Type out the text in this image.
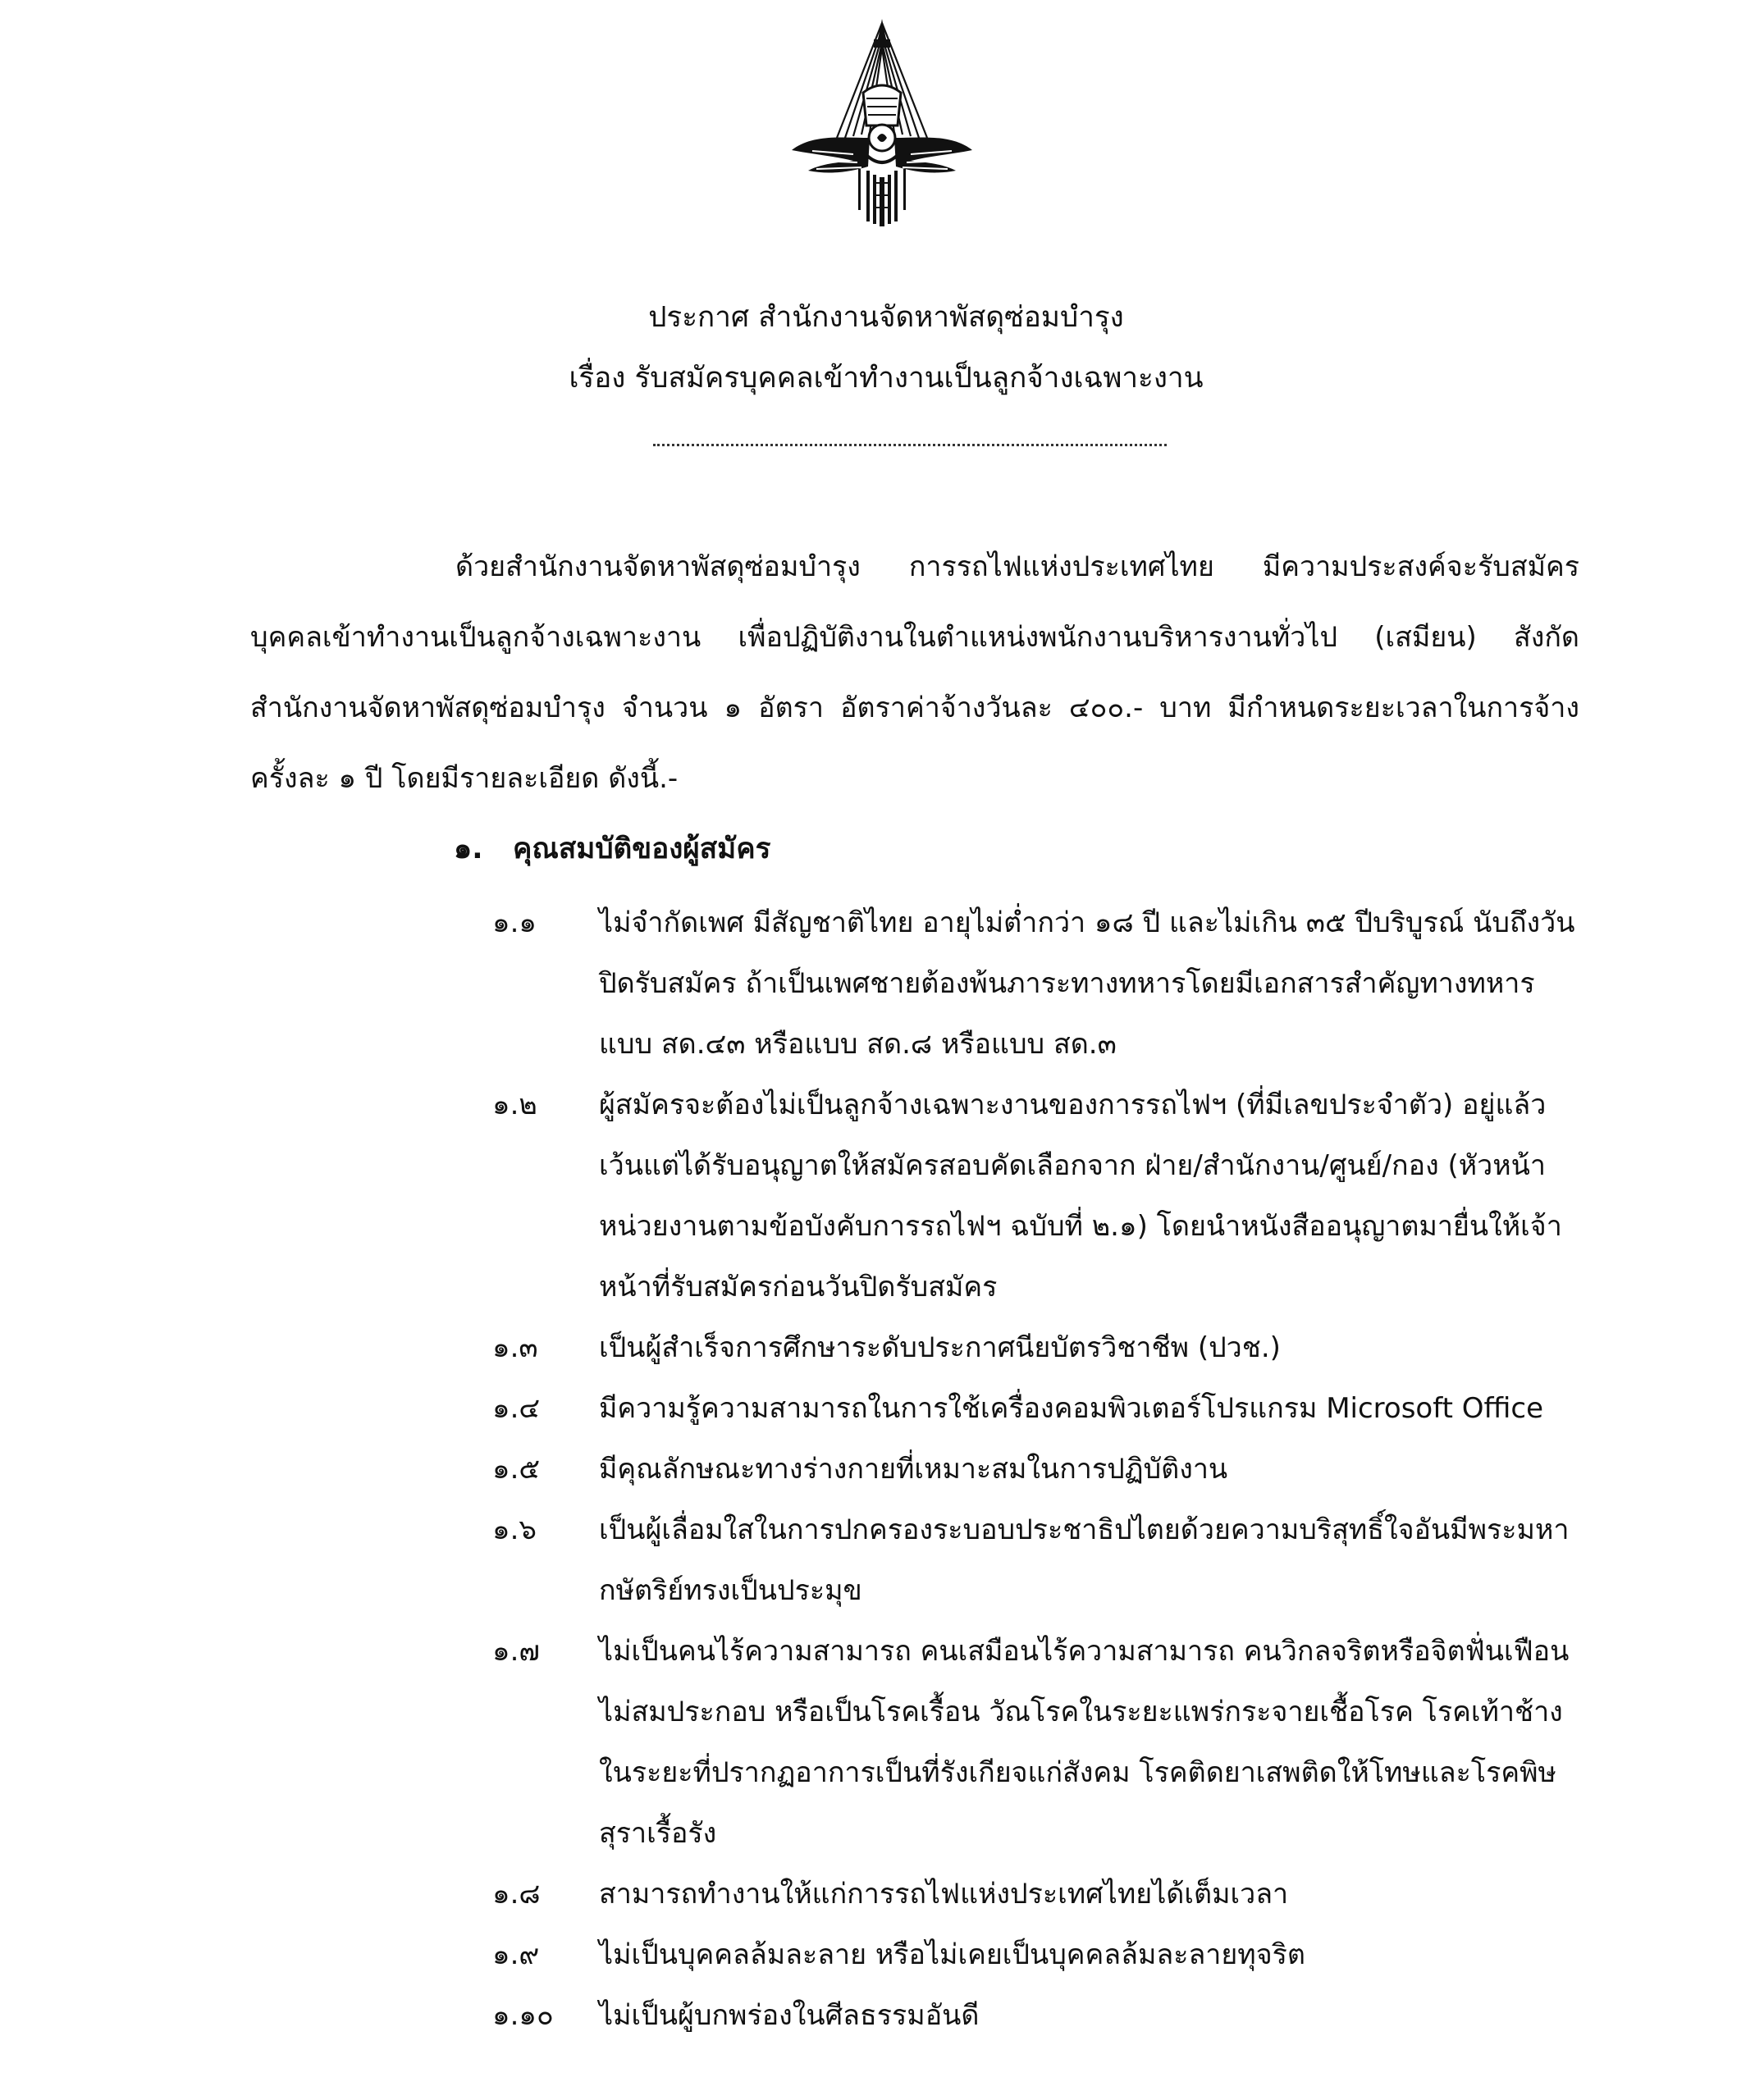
ประกาศ สำนักงานจัดหาพัสดุซ่อมบำรุง
เรื่อง รับสมัครบุคคลเข้าทำงานเป็นลูกจ้างเฉพาะงาน

ด้วยสำนักงานจัดหาพัสดุซ่อมบำรุง การรถไฟแห่งประเทศไทย มีความประสงค์จะรับสมัคร บุคคลเข้าทำงานเป็นลูกจ้างเฉพาะงาน เพื่อปฏิบัติงานในตำแหน่งพนักงานบริหารงานทั่วไป (เสมียน) สังกัด สำนักงานจัดหาพัสดุซ่อมบำรุง จำนวน ๑ อัตรา อัตราค่าจ้างวันละ ๔๐๐.- บาท มีกำหนดระยะเวลาในการจ้าง ครั้งละ ๑ ปี โดยมีรายละเอียด ดังนี้.-

๑. คุณสมบัติของผู้สมัคร
๑.๑	ไม่จำกัดเพศ มีสัญชาติไทย อายุไม่ต่ำกว่า ๑๘ ปี และไม่เกิน ๓๕ ปีบริบูรณ์ นับถึงวันปิดรับสมัคร ถ้าเป็นเพศชายต้องพ้นภาระทางทหารโดยมีเอกสารสำคัญทางทหาร แบบ สด.๔๓ หรือแบบ สด.๘ หรือแบบ สด.๓
๑.๒	ผู้สมัครจะต้องไม่เป็นลูกจ้างเฉพาะงานของการรถไฟฯ (ที่มีเลขประจำตัว) อยู่แล้วเว้นแต่ได้รับอนุญาตให้สมัครสอบคัดเลือกจาก ฝ่าย/สำนักงาน/ศูนย์/กอง (หัวหน้าหน่วยงานตามข้อบังคับการรถไฟฯ ฉบับที่ ๒.๑) โดยนำหนังสืออนุญาตมายื่นให้เจ้าหน้าที่รับสมัครก่อนวันปิดรับสมัคร
๑.๓	เป็นผู้สำเร็จการศึกษาระดับประกาศนียบัตรวิชาชีพ (ปวช.)
๑.๔	มีความรู้ความสามารถในการใช้เครื่องคอมพิวเตอร์โปรแกรม Microsoft Office
๑.๕	มีคุณลักษณะทางร่างกายที่เหมาะสมในการปฏิบัติงาน
๑.๖	เป็นผู้เลื่อมใสในการปกครองระบอบประชาธิปไตยด้วยความบริสุทธิ์ใจอันมีพระมหากษัตริย์ทรงเป็นประมุข
๑.๗	ไม่เป็นคนไร้ความสามารถ คนเสมือนไร้ความสามารถ คนวิกลจริตหรือจิตฟั่นเฟือนไม่สมประกอบ หรือเป็นโรคเรื้อน วัณโรคในระยะแพร่กระจายเชื้อโรค โรคเท้าช้างในระยะที่ปรากฏอาการเป็นที่รังเกียจแก่สังคม โรคติดยาเสพติดให้โทษและโรคพิษสุราเรื้อรัง
๑.๘	สามารถทำงานให้แก่การรถไฟแห่งประเทศไทยได้เต็มเวลา
๑.๙	ไม่เป็นบุคคลล้มละลาย หรือไม่เคยเป็นบุคคลล้มละลายทุจริต
๑.๑๐	ไม่เป็นผู้บกพร่องในศีลธรรมอันดี
